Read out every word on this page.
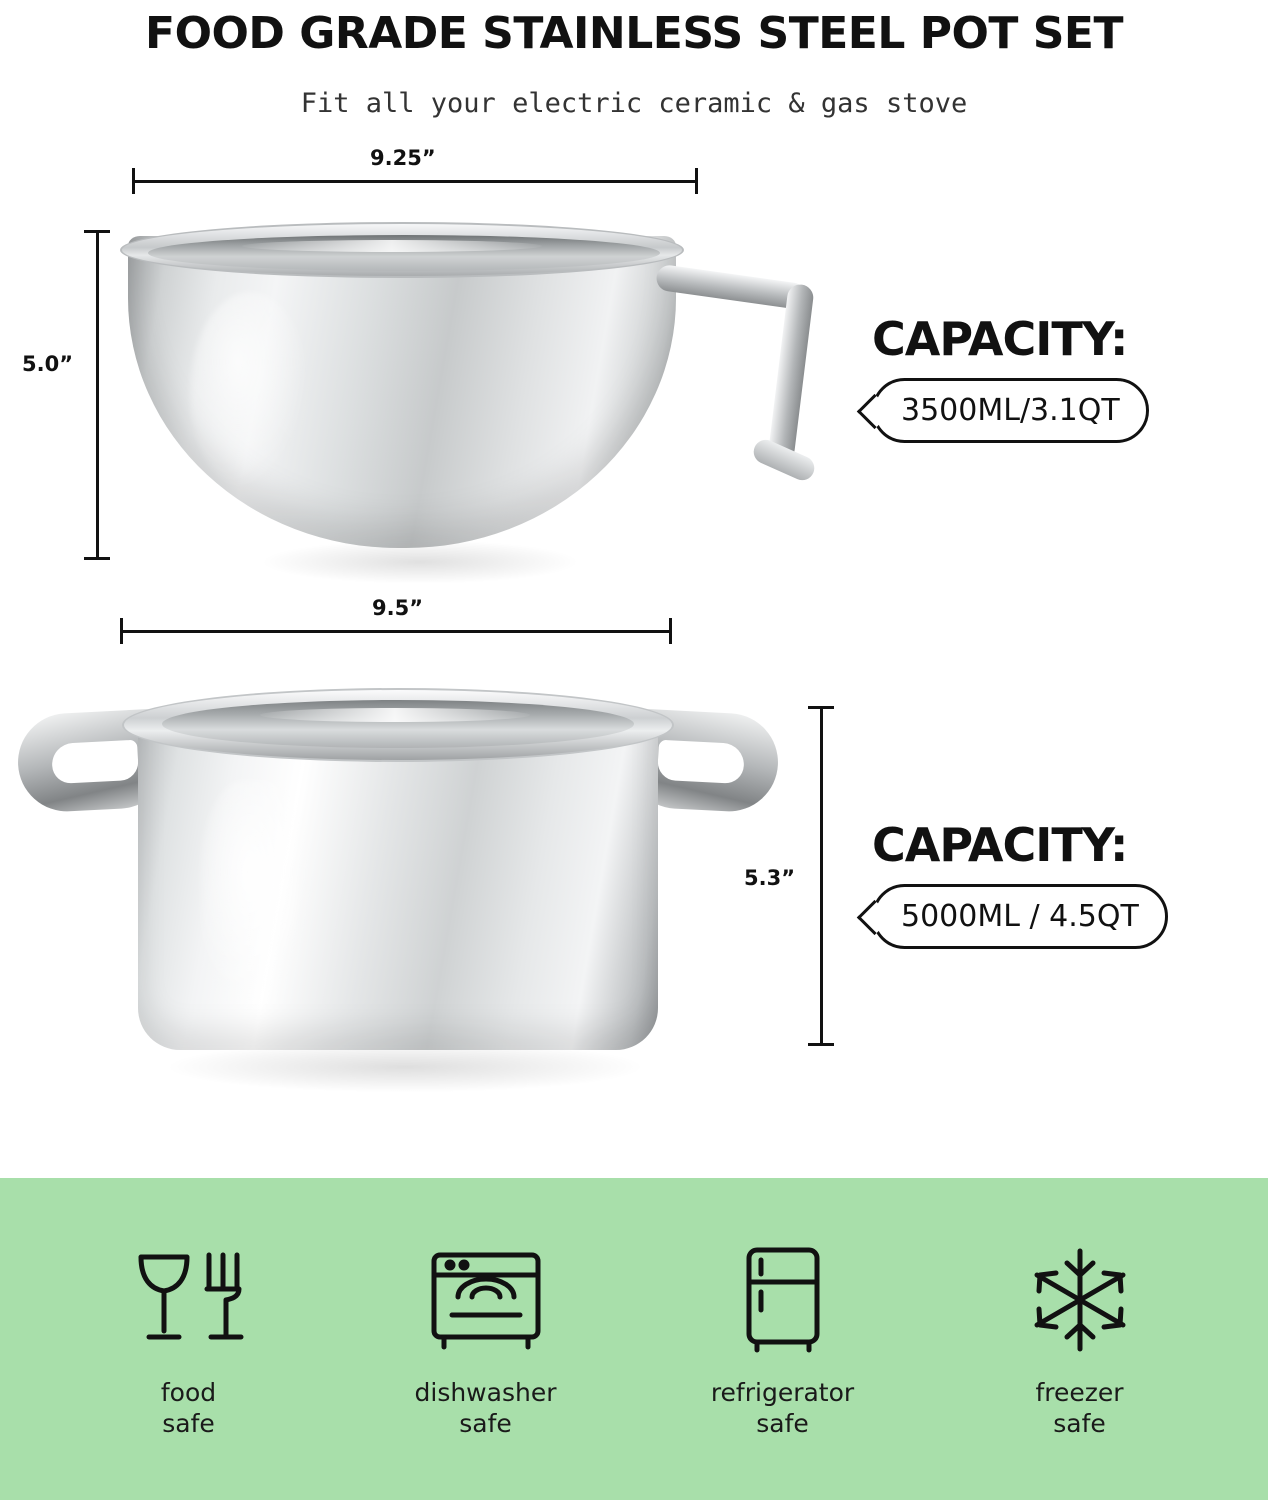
FOOD GRADE STAINLESS STEEL POT SET
Fit all your electric ceramic & gas stove
9.25”
5.0”	CAPACITY:
3500ML/3.1QT
9.5”
5.3”
CAPACITY:
5000ML / 4.5QT
food
safe
dishwasher
safe
refrigerator
safe
freezer
safe
